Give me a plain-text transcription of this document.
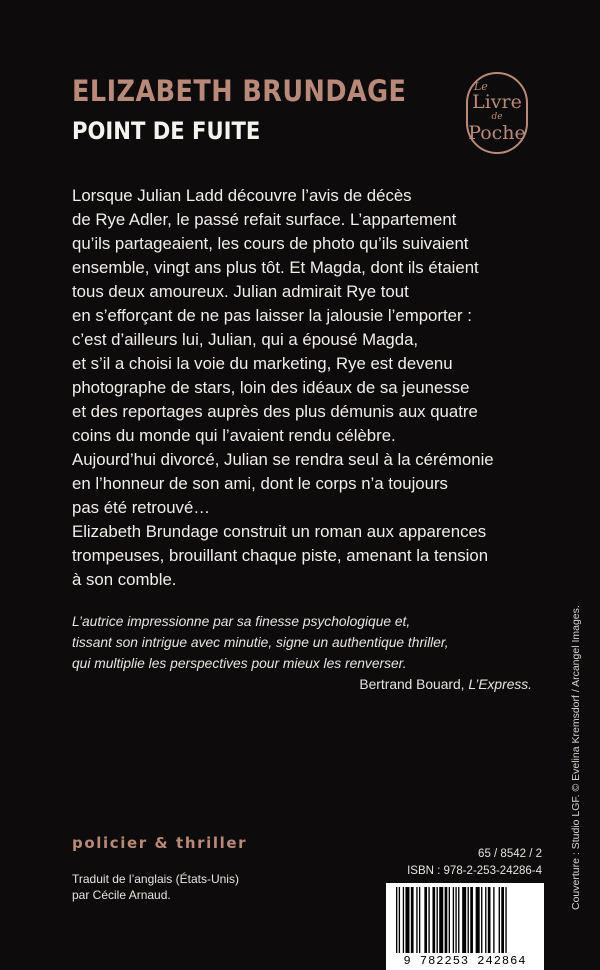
ELIZABETH BRUNDAGE
POINT DE FUITE
Le
Livre
de
Poche
Lorsque Julian Ladd découvre l’avis de décès
de Rye Adler, le passé refait surface. L’appartement
qu’ils partageaient, les cours de photo qu’ils suivaient
ensemble, vingt ans plus tôt. Et Magda, dont ils étaient
tous deux amoureux. Julian admirait Rye tout
en s’efforçant de ne pas laisser la jalousie l’emporter :
c’est d’ailleurs lui, Julian, qui a épousé Magda,
et s’il a choisi la voie du marketing, Rye est devenu
photographe de stars, loin des idéaux de sa jeunesse
et des reportages auprès des plus démunis aux quatre
coins du monde qui l’avaient rendu célèbre.
Aujourd’hui divorcé, Julian se rendra seul à la cérémonie
en l’honneur de son ami, dont le corps n’a toujours
pas été retrouvé…
Elizabeth Brundage construit un roman aux apparences
trompeuses, brouillant chaque piste, amenant la tension
à son comble.
L’autrice impressionne par sa finesse psychologique et,
tissant son intrigue avec minutie, signe un authentique thriller,
qui multiplie les perspectives pour mieux les renverser.
Bertrand Bouard, L’Express.
policier & thriller
Traduit de l’anglais (États-Unis)
par Cécile Arnaud.
65 / 8542 / 2
ISBN : 978-2-253-24286-4
9 782253 242864
Couverture : Studio LGF. © Evelina Kremsdorf / Arcangel Images.
